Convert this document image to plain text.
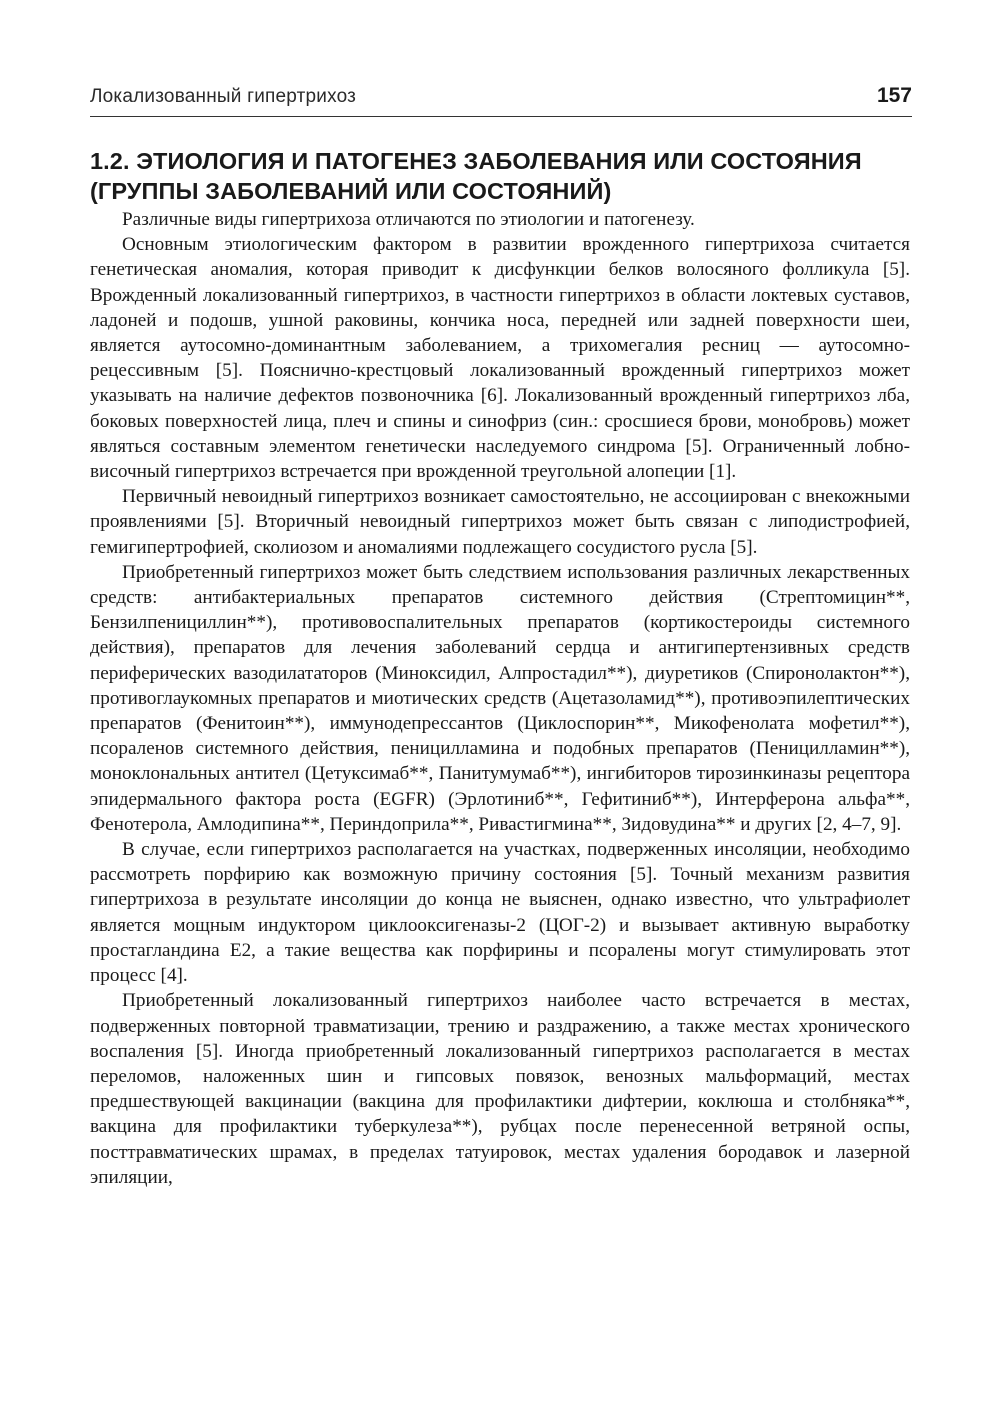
Локализованный гипертрихоз	157
1.2. ЭТИОЛОГИЯ И ПАТОГЕНЕЗ ЗАБОЛЕВАНИЯ ИЛИ СОСТОЯНИЯ (ГРУППЫ ЗАБОЛЕВАНИЙ ИЛИ СОСТОЯНИЙ)

Различные виды гипертрихоза отличаются по этиологии и патогенезу.

Основным этиологическим фактором в развитии врожденного гипертрихоза считается генетическая аномалия, которая приводит к дисфункции белков волосяного фолликула [5]. Врожденный локализованный гипертрихоз, в частности гипертрихоз в области локтевых суставов, ладоней и подошв, ушной раковины, кончика носа, передней или задней поверхности шеи, является аутосомно-доминантным заболеванием, а трихомегалия ресниц — аутосомно-рецессивным [5]. Пояснично-крестцовый локализованный врожденный гипертрихоз может указывать на наличие дефектов позвоночника [6]. Локализованный врожденный гипертрихоз лба, боковых поверхностей лица, плеч и спины и синофриз (син.: сросшиеся брови, монобровь) может являться составным элементом генетически наследуемого синдрома [5]. Ограниченный лобно-височный гипертрихоз встречается при врожденной треугольной алопеции [1].

Первичный невоидный гипертрихоз возникает самостоятельно, не ассоциирован с внекожными проявлениями [5]. Вторичный невоидный гипертрихоз может быть связан с липодистрофией, гемигипертрофией, сколиозом и аномалиями подлежащего сосудистого русла [5].

Приобретенный гипертрихоз может быть следствием использования различных лекарственных средств: антибактериальных препаратов системного действия (Стрептомицин**, Бензилпенициллин**), противовоспалительных препаратов (кортикостероиды системного действия), препаратов для лечения заболеваний сердца и антигипертензивных средств периферических вазодилататоров (Миноксидил, Алпростадил**), диуретиков (Спиронолактон**), противоглаукомных препаратов и миотических средств (Ацетазоламид**), противоэпилептических препаратов (Фенитоин**), иммунодепрессантов (Циклоспорин**, Микофенолата мофетил**), псораленов системного действия, пеницилламина и подобных препаратов (Пеницилламин**), моноклональных антител (Цетуксимаб**, Панитумумаб**), ингибиторов тирозинкиназы рецептора эпидермального фактора роста (EGFR) (Эрлотиниб**, Гефитиниб**), Интерферона альфа**, Фенотерола, Амлодипина**, Периндоприла**, Ривастигмина**, Зидовудина** и других [2, 4–7, 9].

В случае, если гипертрихоз располагается на участках, подверженных инсоляции, необходимо рассмотреть порфирию как возможную причину состояния [5]. Точный механизм развития гипертрихоза в результате инсоляции до конца не выяснен, однако известно, что ультрафиолет является мощным индуктором циклооксигеназы-2 (ЦОГ-2) и вызывает активную выработку простагландина Е2, а такие вещества как порфирины и псоралены могут стимулировать этот процесс [4].

Приобретенный локализованный гипертрихоз наиболее часто встречается в местах, подверженных повторной травматизации, трению и раздражению, а также местах хронического воспаления [5]. Иногда приобретенный локализованный гипертрихоз располагается в местах переломов, наложенных шин и гипсовых повязок, венозных мальформаций, местах предшествующей вакцинации (вакцина для профилактики дифтерии, коклюша и столбняка**, вакцина для профилактики туберкулеза**), рубцах после перенесенной ветряной оспы, посттравматических шрамах, в пределах татуировок, местах удаления бородавок и лазерной эпиляции,
